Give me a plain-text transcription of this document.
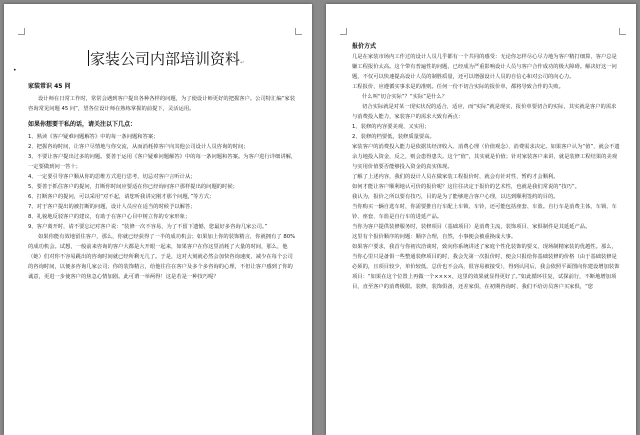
家装公司内部培训资料↵
•

家装常识 45 问

设计师在日常工作时，常常会遇到客户提出各种各样的问题，为了使设计师更好的把握客户。公司特汇编“家装咨询常见问题 45 问”，望各位设计师在熟练掌握的前提下，灵活运用。

如果你想要干私的话，请关注以下几点：

1、熟读《客户疑难问题解答》中的每一条问题和答案；

2、把握咨询时间，让客户尽情地与你交流，从而消耗掉客户向其他公司设计人员咨询的时间；

3、不要让客户提出过多的问题。要善于运用《客户疑难问题解答》中的每一条问题和答案。为客户进行详细讲解，一定要做到问一答十；

4、一定要引导客户顺从你的思维方式进行思考，切忌对客户言听计从；

5、要善于抓住客户的提问，打断你时间应要适在你已经询问客户那样提出的问题的时候；

6、打断客户的提问，可以采用“对不起，请您听我讲完刚才那个问题，”等方式；

7、对于客户提出的被打断的问题，设计人员应在适当的时候予以解答；

8、礼貌地反驳客户的建议，有助于在客户心目中树立你的专家形象；

9、客户离开时，请不要忘记对客户说：“装修一次不容易，为了不留下遗憾，您最好多咨询几家公司。”

如果你能有效地留住客户，那么，你就已经获得了一半的成功机会；如果加上你的装饰精言，你就拥有了 80%的成功机会。试想，一般前来咨询的客户大都是大开眼一起来，如果客户在你这里消耗了大量的时间，那么，他（她）们对你不容易跳出的咨询时间就已经所剩无几了。于是，这对大刻就必然会加快咨询速度，减少在每个公司的咨询时间，以便多咨询几家公司；你的装饰精言，给他往往在客户及多个多咨询的心理，不但让客户感到了你的诚意，更进一步使客户的焦急心情加剧。此可谓一举两得！这是若是一种技巧呢？

报价方式

几是在家装市场内工作过的设计人员几乎都有一个共同的感受：无论你怎样尽心尽力地为客户精打细算，客户总是嫌工程报价太高。这个带有普遍性的问题，已经成为严重影响设计人员与客户合作成功的极大障碍。解决好这一问题，不仅可以快速提高设计人员的制胜质量，还可以增强设计人员的自信心和对公司的向心力。

工程报价，应遵循实事求是的准则。任何一份不切合实际的报价单，都将导致合作的失败。

什么叫“切合实际”？“实际”是什么？

切合实际就是对某一现实状况的适合，适应，而“实际”就是现实，报价单要切合的实际，其实就是客户的需求与消费投入能力，家装客户的需求大致有两点：

1、装修的内容要美观、又实用；

2、装修的档要低，装修质量要高。

家装客户的消费投入能力是依据其经济收入、消费心理（价值观念）、消费需求决定。如果客户认为“值”，就会不遗余力地投入资金，反之，则会患得患失。这个“值”，其实就是价值；针对家装客户来讲，就是装修工程结果的美观与实用价值要否能够投入资金的真实体现。

了解了上述内容，我们的设计人员在做家装工程报价时，就会有针对性，暂约才会顺利。

如何才能让客户顺利地认可价的报价呢？这往往决定于报价的艺术性，也就是我们常说的“技巧”。

我认为，报价之所以要有技巧，目的是为了能够迎合客户心理，以达到顺利签约的目的。

当你购买一辆自选车时，你需要推自行车配上车锁、车铃，还可能包括座套、车篮。自行车是消费主体，车锁、车铃、座套、车篮是自行车的进延产品。

当你为客户提供装修服务时，装修项目（基础项目）是消费主流，装饰项目、家俱制件是其延延产品。

这里有个报价顺序的问题：顺序合理，自然，小事便会被重换成大事。

如果客户要求，我首与你初次洽谈时，致向你系统讲述了家庭个性化装饰的要义，现场制精家装的优越性。那么，当你心里只是备俱一些整通装修项目的时，我会先第一次报价时，便会只报给你基础装修的价格（由于基础装修是必须的，且项目较少，单价较低，总价也不会高，很容易被接受），得到认同后，我会依照平面图向你建设增加装饰项目：“如果在这个位置上再做一个××××，这里的效果就显得更好了。”如此循环往复，试探前行，不断地增加项目，直至客户的消费极限。装修，装饰俱备，还差家俱，在初期咨询时，我们不给访员客户买家俱，“您
